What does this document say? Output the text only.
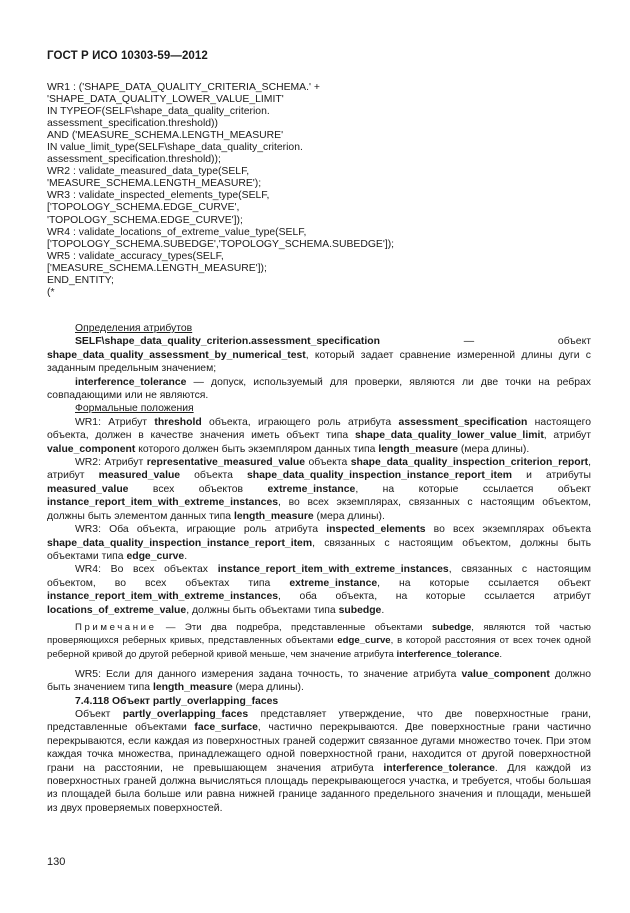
ГОСТ Р ИСО 10303-59—2012
WR1 : ('SHAPE_DATA_QUALITY_CRITERIA_SCHEMA.' +
'SHAPE_DATA_QUALITY_LOWER_VALUE_LIMIT'
IN TYPEOF(SELF\shape_data_quality_criterion.
assessment_specification.threshold))
AND ('MEASURE_SCHEMA.LENGTH_MEASURE'
IN value_limit_type(SELF\shape_data_quality_criterion.
assessment_specification.threshold));
WR2 : validate_measured_data_type(SELF,
'MEASURE_SCHEMA.LENGTH_MEASURE');
WR3 : validate_inspected_elements_type(SELF,
['TOPOLOGY_SCHEMA.EDGE_CURVE',
'TOPOLOGY_SCHEMA.EDGE_CURVE']);
WR4 : validate_locations_of_extreme_value_type(SELF,
['TOPOLOGY_SCHEMA.SUBEDGE','TOPOLOGY_SCHEMA.SUBEDGE']);
WR5 : validate_accuracy_types(SELF,
['MEASURE_SCHEMA.LENGTH_MEASURE']);
END_ENTITY;
(*

Определения атрибутов

SELF\shape_data_quality_criterion.assessment_specification — объект shape_data_quality_assessment_by_numerical_test, который задает сравнение измеренной длины дуги с заданным предельным значением;

interference_tolerance — допуск, используемый для проверки, являются ли две точки на ребрах совпадающими или не являются.

Формальные положения

WR1: Атрибут threshold объекта, играющего роль атрибута assessment_specification настоящего объекта, должен в качестве значения иметь объект типа shape_data_quality_lower_value_limit, атрибут value_component которого должен быть экземпляром данных типа length_measure (мера длины).

WR2: Атрибут representative_measured_value объекта shape_data_quality_inspection_criterion_report, атрибут measured_value объекта shape_data_quality_inspection_instance_report_item и атрибуты measured_value всех объектов extreme_instance, на которые ссылается объект instance_report_item_with_extreme_instances, во всех экземплярах, связанных с настоящим объектом, должны быть элементом данных типа length_measure (мера длины).

WR3: Оба объекта, играющие роль атрибута inspected_elements во всех экземплярах объекта shape_data_quality_inspection_instance_report_item, связанных с настоящим объектом, должны быть объектами типа edge_curve.

WR4: Во всех объектах instance_report_item_with_extreme_instances, связанных с настоящим объектом, во всех объектах типа extreme_instance, на которые ссылается объект instance_report_item_with_extreme_instances, оба объекта, на которые ссылается атрибут locations_of_extreme_value, должны быть объектами типа subedge.

Примечание — Эти два подребра, представленные объектами subedge, являются той частью проверяющихся реберных кривых, представленных объектами edge_curve, в которой расстояния от всех точек одной реберной кривой до другой реберной кривой меньше, чем значение атрибута interference_tolerance.

WR5: Если для данного измерения задана точность, то значение атрибута value_component должно быть значением типа length_measure (мера длины).

7.4.118 Объект partly_overlapping_faces

Объект partly_overlapping_faces представляет утверждение, что две поверхностные грани, представленные объектами face_surface, частично перекрываются. Две поверхностные грани частично перекрываются, если каждая из поверхностных граней содержит связанное дугами множество точек. При этом каждая точка множества, принадлежащего одной поверхностной грани, находится от другой поверхностной грани на расстоянии, не превышающем значения атрибута interference_tolerance. Для каждой из поверхностных граней должна вычисляться площадь перекрывающегося участка, и требуется, чтобы большая из площадей была больше или равна нижней границе заданного предельного значения и площади, меньшей из двух проверяемых поверхностей.

130
